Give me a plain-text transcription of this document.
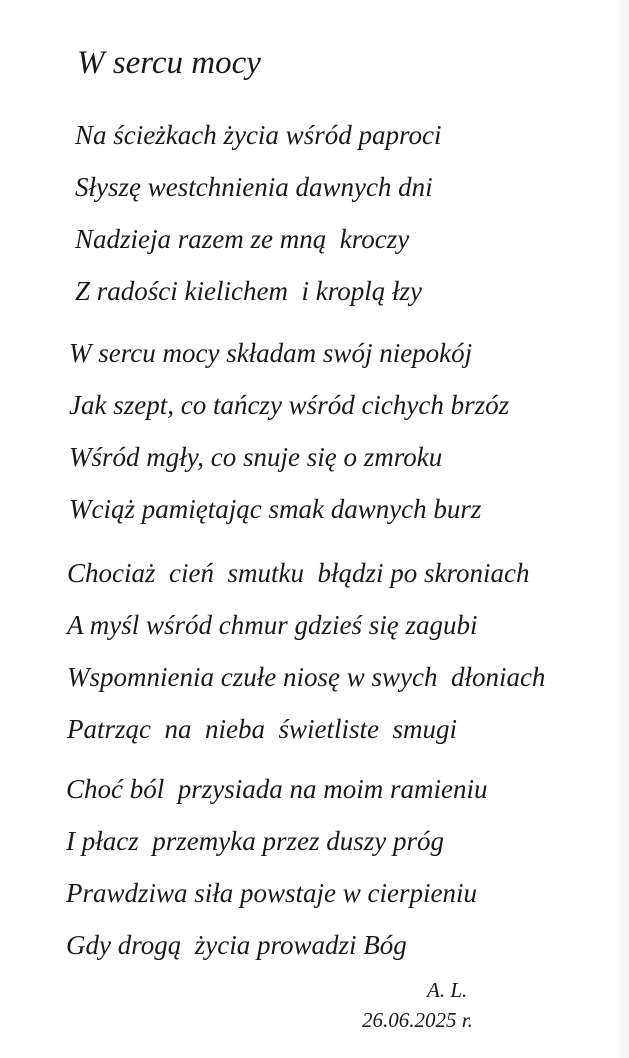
W sercu mocy
Na ścieżkach życia wśród paproci
Słyszę westchnienia dawnych dni
Nadzieja razem ze mną  kroczy
Z radości kielichem  i kroplą łzy
W sercu mocy składam swój niepokój
Jak szept, co tańczy wśród cichych brzóz
Wśród mgły, co snuje się o zmroku
Wciąż pamiętając smak dawnych burz
Chociaż  cień  smutku  błądzi po skroniach
A myśl wśród chmur gdzieś się zagubi
Wspomnienia czułe niosę w swych  dłoniach
Patrząc  na  nieba  świetliste  smugi
Choć ból  przysiada na moim ramieniu
I płacz  przemyka przez duszy próg
Prawdziwa siła powstaje w cierpieniu
Gdy drogą  życia prowadzi Bóg
A. L.
26.06.2025 r.
